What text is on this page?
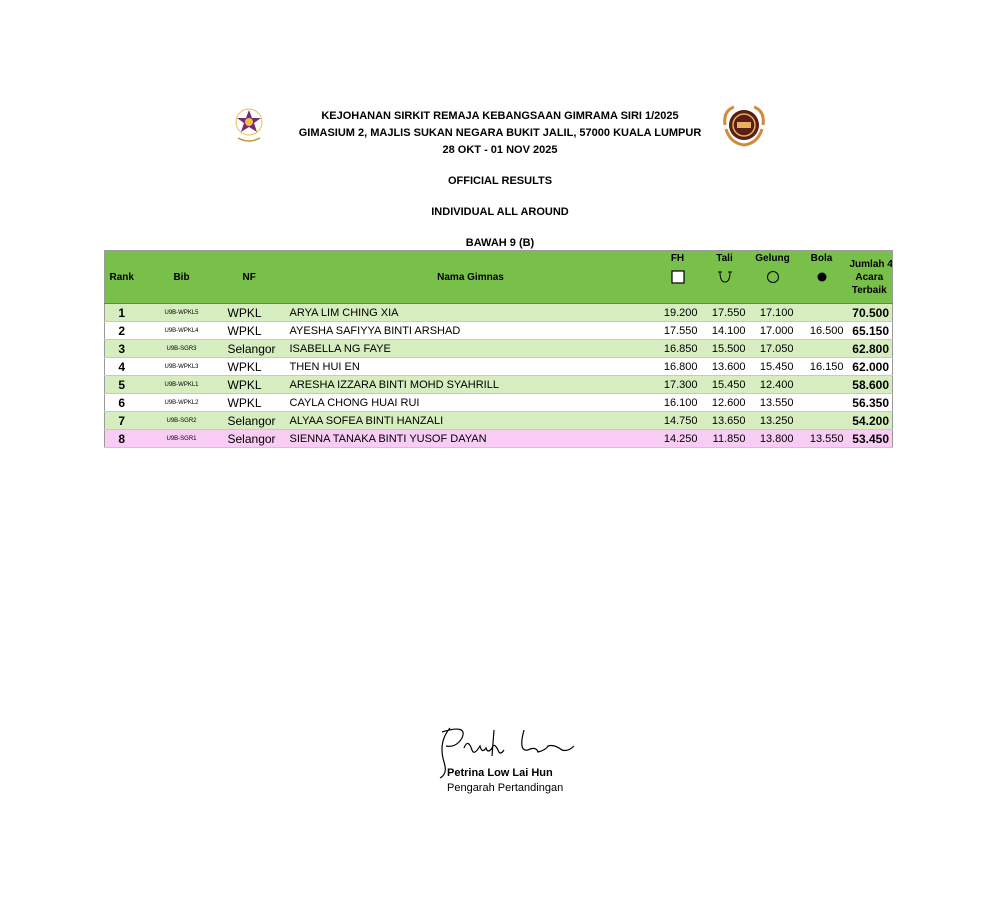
KEJOHANAN SIRKIT REMAJA KEBANGSAAN GIMRAMA SIRI 1/2025
GIMASIUM 2, MAJLIS SUKAN NEGARA BUKIT JALIL, 57000 KUALA LUMPUR
28 OKT - 01 NOV 2025
OFFICIAL RESULTS
INDIVIDUAL ALL AROUND
BAWAH 9 (B)
Rank	Bib	NF	Nama Gimnas	FH	Tali	Gelung	Bola			Jumlah 4
Acara
Terbaik

1	U9B-WPKL5	WPKL	ARYA LIM CHING XIA	19.200	17.550	17.100				70.500
2	U9B-WPKL4	WPKL	AYESHA SAFIYYA BINTI ARSHAD	17.550	14.100	17.000	16.500			65.150
3	U9B-SGR3	Selangor	ISABELLA NG FAYE	16.850	15.500	17.050				62.800
4	U9B-WPKL3	WPKL	THEN HUI EN	16.800	13.600	15.450	16.150			62.000
5	U9B-WPKL1	WPKL	ARESHA IZZARA BINTI MOHD SYAHRILL	17.300	15.450	12.400				58.600
6	U9B-WPKL2	WPKL	CAYLA CHONG HUAI RUI	16.100	12.600	13.550				56.350
7	U9B-SGR2	Selangor	ALYAA SOFEA BINTI HANZALI	14.750	13.650	13.250				54.200
8	U9B-SGR1	Selangor	SIENNA TANAKA BINTI YUSOF DAYAN	14.250	11.850	13.800	13.550			53.450
Petrina Low Lai Hun
Pengarah Pertandingan
